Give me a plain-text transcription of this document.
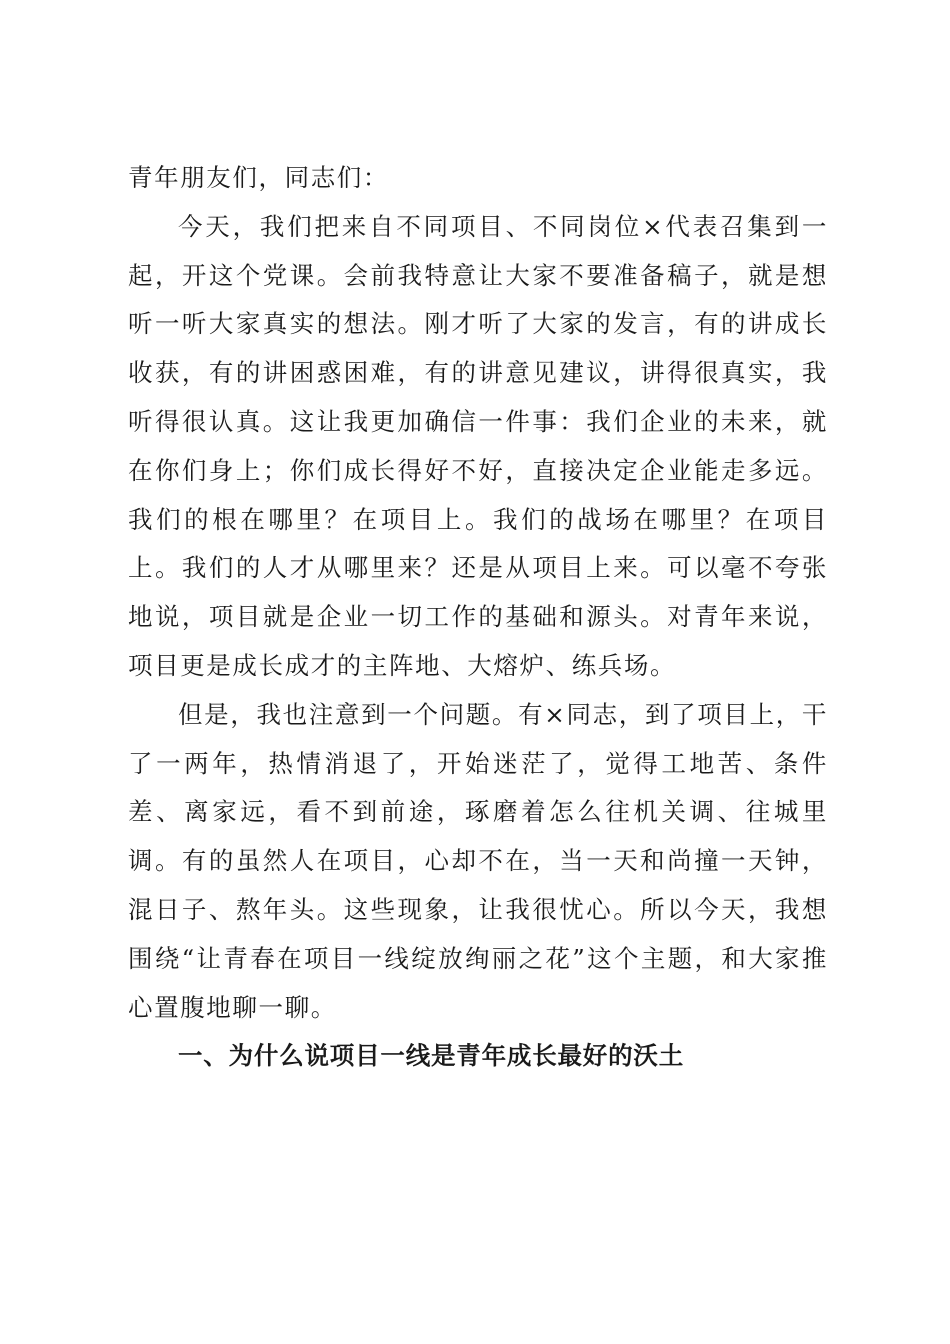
青年朋友们，同志们：

今天，我们把来自不同项目、不同岗位×代表召集到一起，开这个党课。会前我特意让大家不要准备稿子，就是想听一听大家真实的想法。刚才听了大家的发言，有的讲成长收获，有的讲困惑困难，有的讲意见建议，讲得很真实，我听得很认真。这让我更加确信一件事：我们企业的未来，就在你们身上；你们成长得好不好，直接决定企业能走多远。我们的根在哪里？在项目上。我们的战场在哪里？在项目上。我们的人才从哪里来？还是从项目上来。可以毫不夸张地说，项目就是企业一切工作的基础和源头。对青年来说，项目更是成长成才的主阵地、大熔炉、练兵场。

但是，我也注意到一个问题。有×同志，到了项目上，干了一两年，热情消退了，开始迷茫了，觉得工地苦、条件差、离家远，看不到前途，琢磨着怎么往机关调、往城里调。有的虽然人在项目，心却不在，当一天和尚撞一天钟，混日子、熬年头。这些现象，让我很忧心。所以今天，我想围绕“让青春在项目一线绽放绚丽之花”这个主题，和大家推心置腹地聊一聊。

一、为什么说项目一线是青年成长最好的沃土
